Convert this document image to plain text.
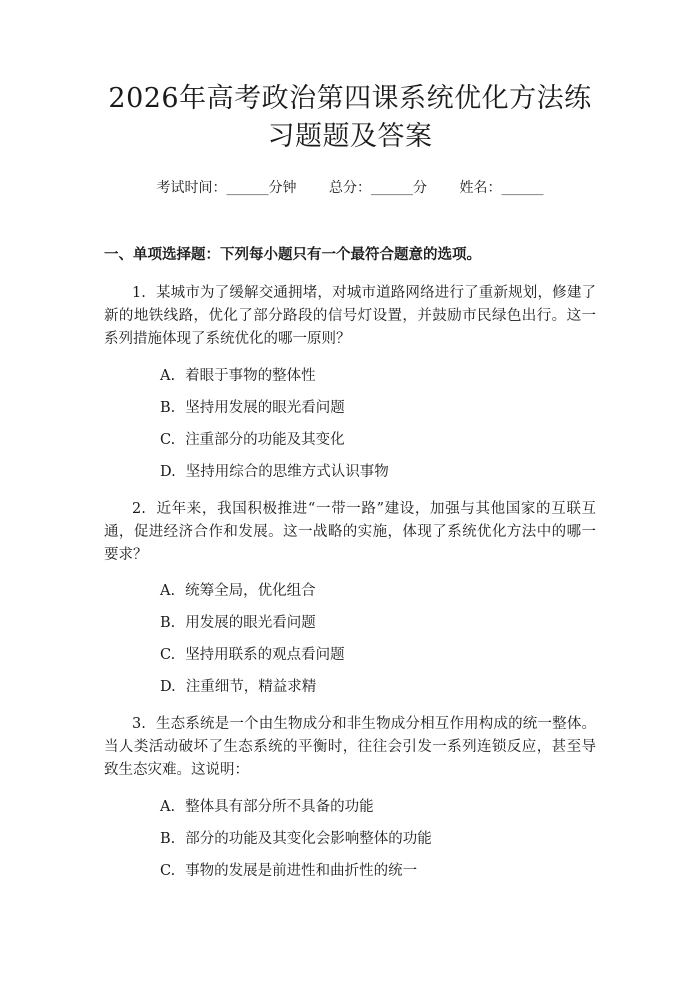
2026年高考政治第四课系统优化方法练习题题及答案
考试时间：______分钟 总分：______分 姓名：______
一、单项选择题：下列每小题只有一个最符合题意的选项。

1. 某城市为了缓解交通拥堵，对城市道路网络进行了重新规划，修建了新的地铁线路，优化了部分路段的信号灯设置，并鼓励市民绿色出行。这一系列措施体现了系统优化的哪一原则？

A. 着眼于事物的整体性
B. 坚持用发展的眼光看问题
C. 注重部分的功能及其变化
D. 坚持用综合的思维方式认识事物

2. 近年来，我国积极推进“一带一路”建设，加强与其他国家的互联互通，促进经济合作和发展。这一战略的实施，体现了系统优化方法中的哪一要求？

A. 统筹全局，优化组合
B. 用发展的眼光看问题
C. 坚持用联系的观点看问题
D. 注重细节，精益求精

3. 生态系统是一个由生物成分和非生物成分相互作用构成的统一整体。当人类活动破坏了生态系统的平衡时，往往会引发一系列连锁反应，甚至导致生态灾难。这说明：

A. 整体具有部分所不具备的功能
B. 部分的功能及其变化会影响整体的功能
C. 事物的发展是前进性和曲折性的统一
